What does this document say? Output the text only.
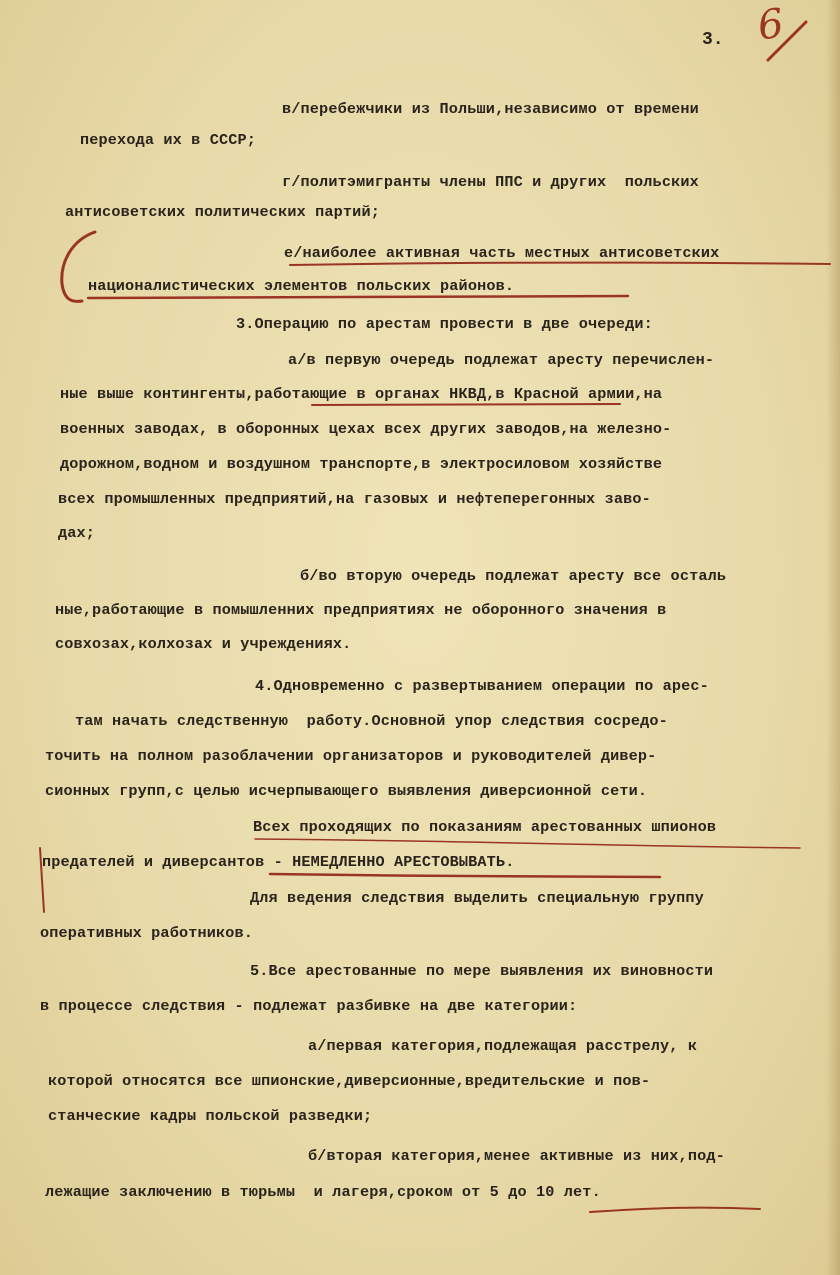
3. 6
в/перебежчики из Польши,независимо от времени
перехода их в СССР;
г/политэмигранты члены ППС и других  польских
антисоветских политических партий;
е/наиболее активная часть местных антисоветских
националистических элементов польских районов.
3.Операцию по арестам провести в две очереди:
а/в первую очередь подлежат аресту перечислен-
ные выше контингенты,работающие в органах НКВД,в Красной армии,на
военных заводах, в оборонных цехах всех других заводов,на железно-
дорожном,водном и воздушном транспорте,в электросиловом хозяйстве
всех промышленных предприятий,на газовых и нефтеперегонных заво-
дах;
б/во вторую очередь подлежат аресту все осталь
ные,работающие в помышленних предприятиях не оборонного значения в
совхозах,колхозах и учреждениях.
4.Одновременно с развертыванием операции по арес-
там начать следственную  работу.Основной упор следствия сосредо-
точить на полном разоблачении организаторов и руководителей дивер-
сионных групп,с целью исчерпывающего выявления диверсионной сети.
Всех проходящих по показаниям арестованных шпионов
предателей и диверсантов - НЕМЕДЛЕННО АРЕСТОВЫВАТЬ.
Для ведения следствия выделить специальную группу
оперативных работников.
5.Все арестованные по мере выявления их виновности
в процессе следствия - подлежат разбивке на две категории:
а/первая категория,подлежащая расстрелу, к
которой относятся все шпионские,диверсионные,вредительские и пов-
станческие кадры польской разведки;
б/вторая категория,менее активные из них,под-
лежащие заключению в тюрьмы  и лагеря,сроком от 5 до 10 лет.
